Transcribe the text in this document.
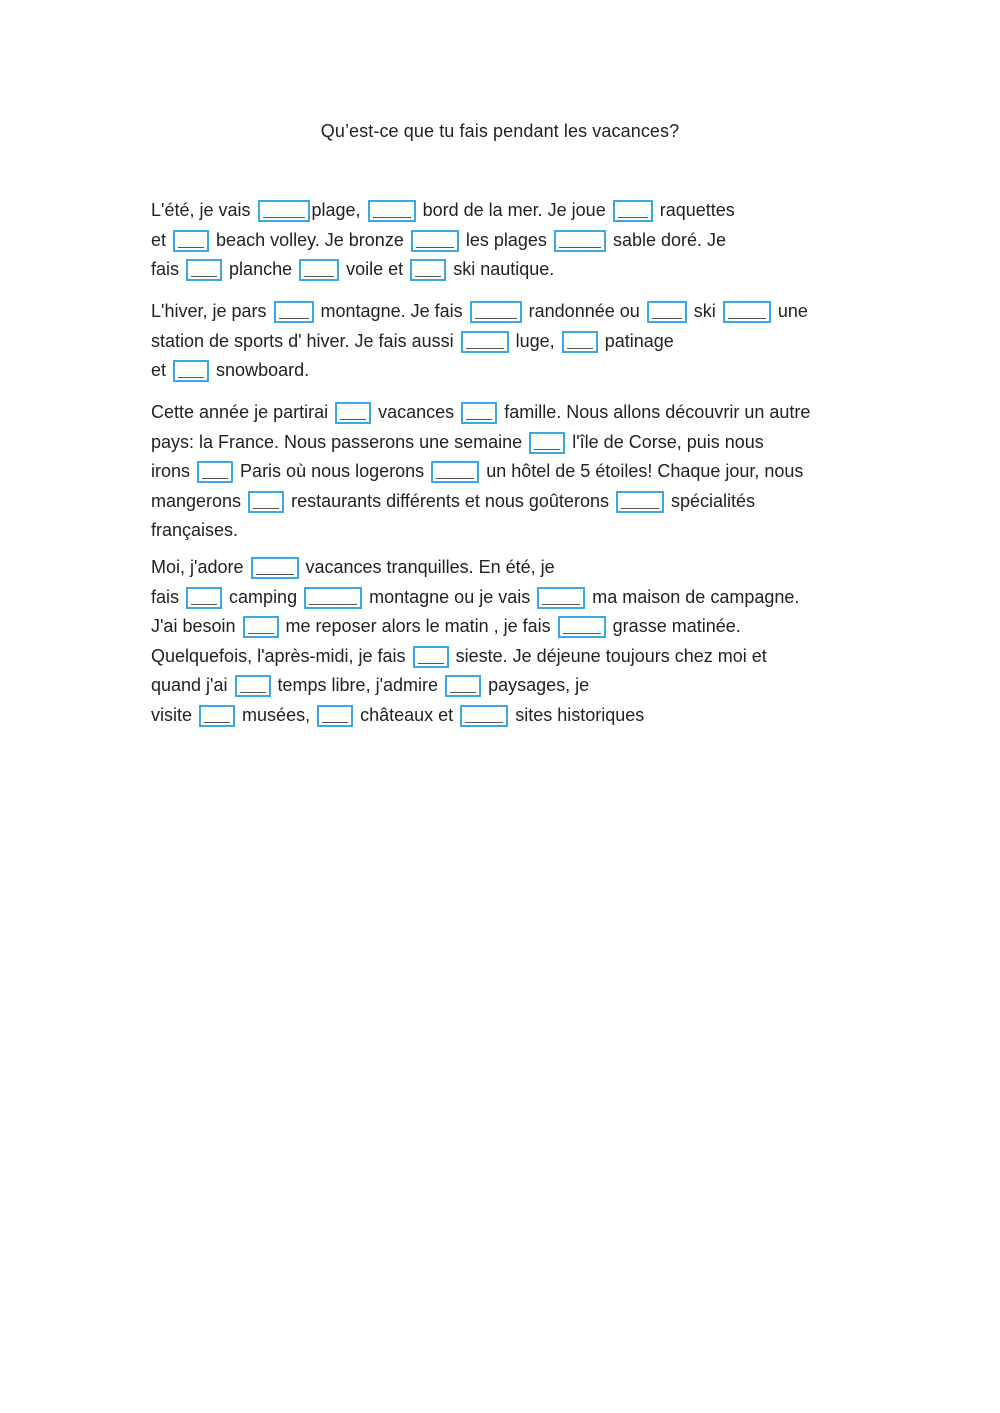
Qu’est-ce que tu fais pendant les vacances?
L'été, je vais	plage,	bord de la mer. Je joue	raquettes
et	beach volley. Je bronze	les plages	sable doré. Je
fais	planche	voile et	ski nautique.
L'hiver, je pars	montagne. Je fais	randonnée ou	ski	une
station de sports d' hiver. Je fais aussi	luge,	patinage
et	snowboard.
Cette année je partirai	vacances	famille. Nous allons découvrir un autre
pays: la France. Nous passerons une semaine	l'île de Corse, puis nous
irons	Paris où nous logerons	un hôtel de 5 étoiles! Chaque jour, nous
mangerons	restaurants différents et nous goûterons	spécialités
françaises.
Moi, j'adore	vacances tranquilles. En été, je
fais	camping	montagne ou je vais	ma maison de campagne.
J'ai besoin	me reposer alors le matin , je fais	grasse matinée.
Quelquefois, l'après-midi, je fais	sieste. Je déjeune toujours chez moi et
quand j'ai	temps libre, j'admire	paysages, je
visite	musées,	châteaux et	sites historiques
